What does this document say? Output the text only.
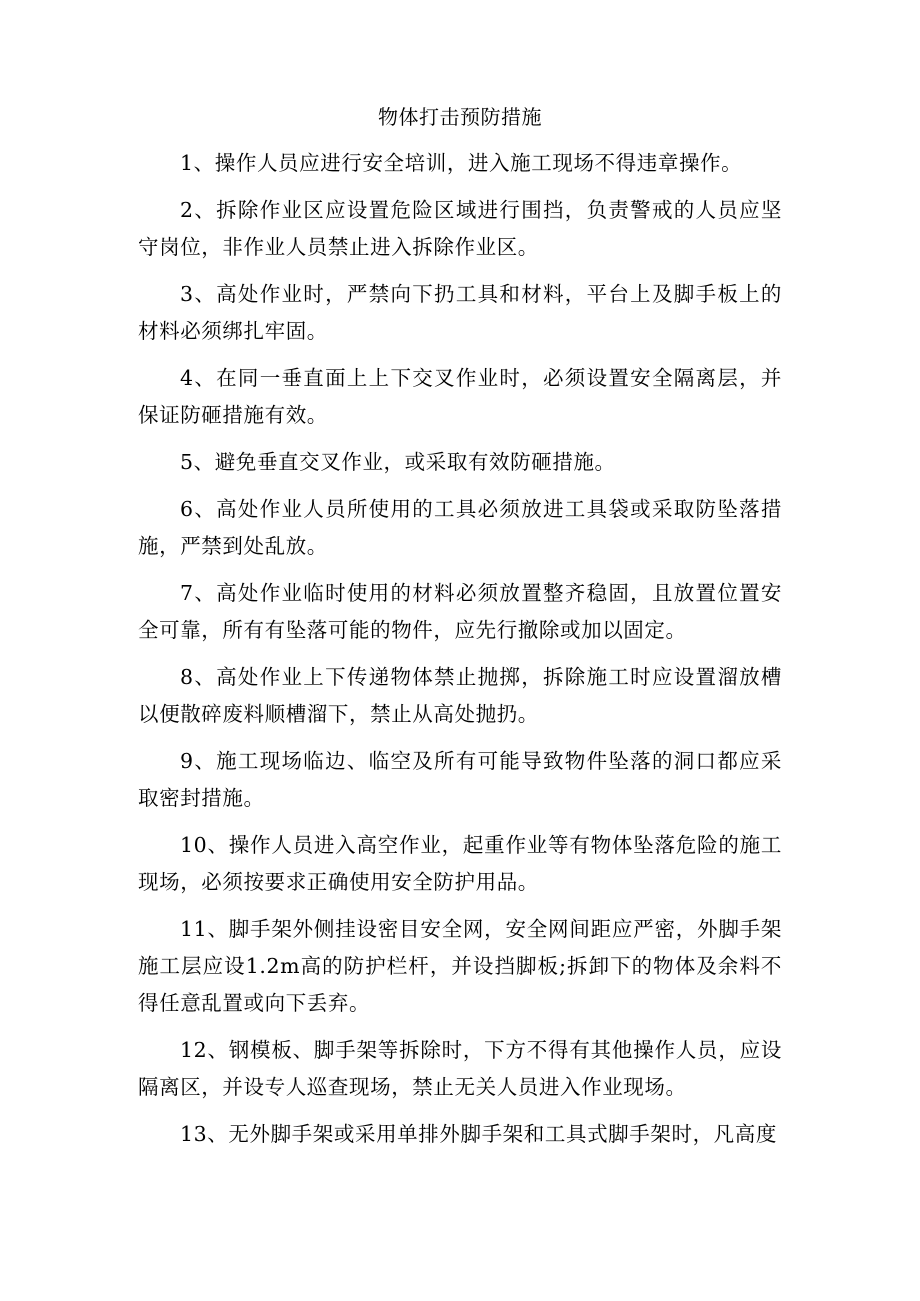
物体打击预防措施

1、操作人员应进行安全培训，进入施工现场不得违章操作。

2、拆除作业区应设置危险区域进行围挡，负责警戒的人员应坚守岗位，非作业人员禁止进入拆除作业区。

3、高处作业时，严禁向下扔工具和材料，平台上及脚手板上的材料必须绑扎牢固。

4、在同一垂直面上上下交叉作业时，必须设置安全隔离层，并保证防砸措施有效。

5、避免垂直交叉作业，或采取有效防砸措施。

6、高处作业人员所使用的工具必须放进工具袋或采取防坠落措施，严禁到处乱放。

7、高处作业临时使用的材料必须放置整齐稳固，且放置位置安全可靠，所有有坠落可能的物件，应先行撤除或加以固定。

8、高处作业上下传递物体禁止抛掷，拆除施工时应设置溜放槽以便散碎废料顺槽溜下，禁止从高处抛扔。

9、施工现场临边、临空及所有可能导致物件坠落的洞口都应采取密封措施。

10、操作人员进入高空作业，起重作业等有物体坠落危险的施工现场，必须按要求正确使用安全防护用品。

11、脚手架外侧挂设密目安全网，安全网间距应严密，外脚手架施工层应设1.2m高的防护栏杆，并设挡脚板;拆卸下的物体及余料不得任意乱置或向下丢弃。

12、钢模板、脚手架等拆除时，下方不得有其他操作人员，应设隔离区，并设专人巡查现场，禁止无关人员进入作业现场。

13、无外脚手架或采用单排外脚手架和工具式脚手架时，凡高度
